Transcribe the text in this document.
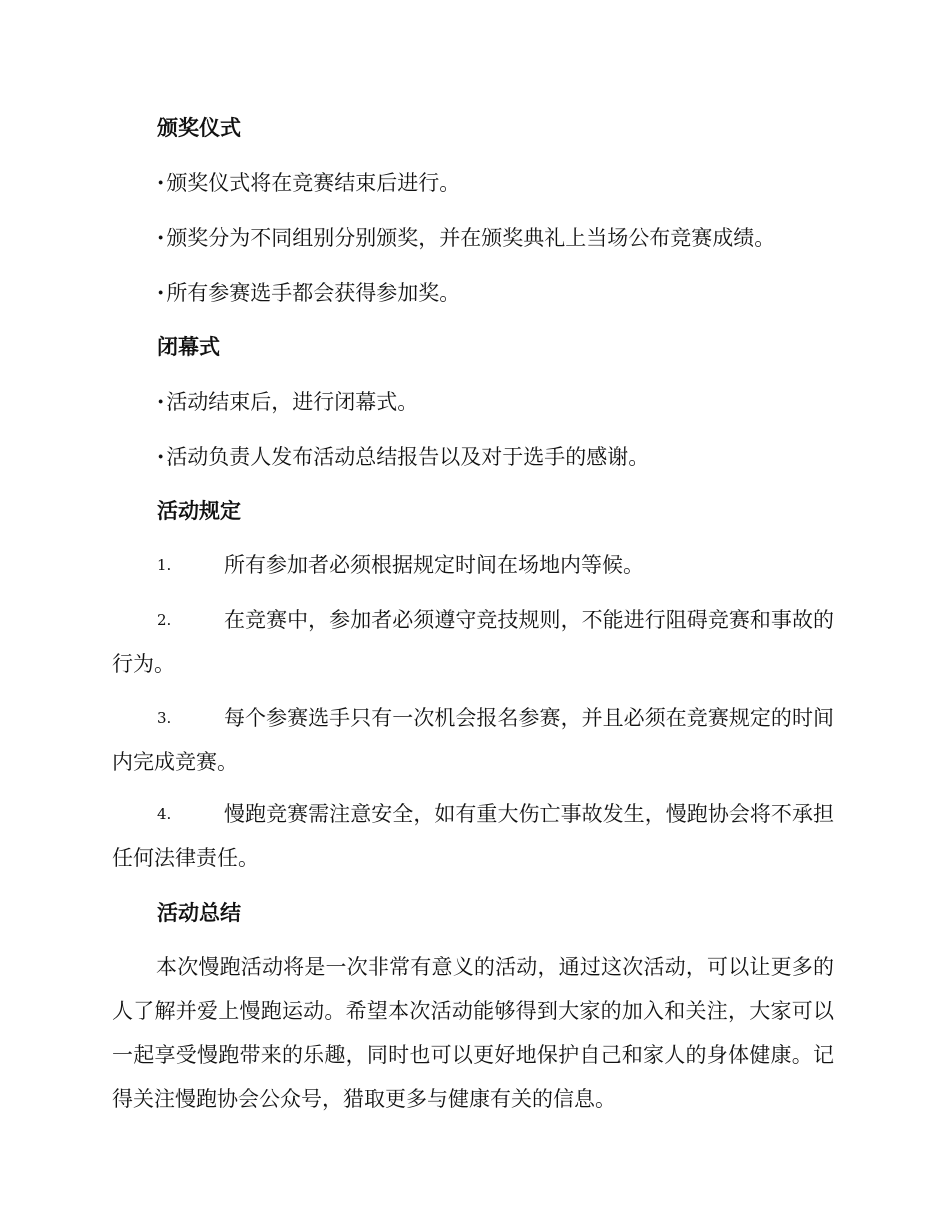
颁奖仪式
·颁奖仪式将在竞赛结束后进行。
·颁奖分为不同组别分别颁奖，并在颁奖典礼上当场公布竞赛成绩。
·所有参赛选手都会获得参加奖。
闭幕式
·活动结束后，进行闭幕式。
·活动负责人发布活动总结报告以及对于选手的感谢。
活动规定
1.	所有参加者必须根据规定时间在场地内等候。
2.	在竞赛中，参加者必须遵守竞技规则，不能进行阻碍竞赛和事故的行为。
3.	每个参赛选手只有一次机会报名参赛，并且必须在竞赛规定的时间内完成竞赛。
4.	慢跑竞赛需注意安全，如有重大伤亡事故发生，慢跑协会将不承担任何法律责任。
活动总结
本次慢跑活动将是一次非常有意义的活动，通过这次活动，可以让更多的人了解并爱上慢跑运动。希望本次活动能够得到大家的加入和关注，大家可以一起享受慢跑带来的乐趣，同时也可以更好地保护自己和家人的身体健康。记得关注慢跑协会公众号，猎取更多与健康有关的信息。
